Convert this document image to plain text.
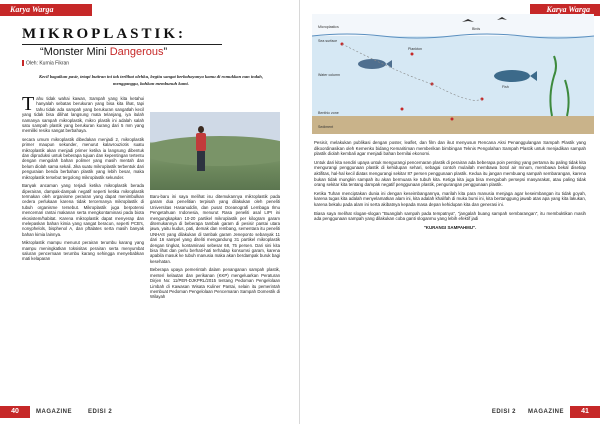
Karya Warga
MIKROPLASTIK:
“Monster Mini Dangerous”
Oleh: Kurnia Fikran
Kecil bagaikan pasir, tetapi butiran ini tak terlihat olehku, begitu sangat berbahayanya kamu di romukkan nan indah, mengganggu, bahkan membunuh kami.

Tahu tidak wahai kawan, Sampah yang kita ketahui hanyalah sebatas berukuran yang bisa kita lihat, tapi tahu tidak ada sampah yang berukuran sangatlah kecil yang tidak bisa dilihat langsung mata telanjang, iya itulah namanya sampah mikroplastik, mikro plastik ini adalah salah satu sampah plastik yang berukuran kurang dari 5 mm yang memiliki resiko sangat berbahaya.

secara umum mikroplastik dibedakan menjadi 2, mikroplastik primer maupun sekunder, menurut kalavrouziotis suatu mikroplastik akan menjadi primer ketika ia langsung dibentuk dan diproduksi untuk beberapa tujuan dan kepentingan tertentu dengan mengolah bahan polimer yang masih mentah dan belum diolah sama sekali. Jika suatu mikroplastik terbentuk dari penguraian benda berbahan plastik yang lebih besar, maka mikroplastik tersebut tergolong mikroplastik sekunder.

Banyak ancaman yang terjadi ketika mikroplastik berada diperairan, dampak-dampak negatif seperti ketika mikroplastik termakan oleh organisme perairan yang dapat menimbulkan cedera perlukaan karena tidak tercernanya mikroplastik di tubuh organisme tersebut. Mikroplastik juga berpotensi mencemari rantai makanan serta mengkontaminasi pada biota ekosistem/habitat. Karena mikroplastik dapat menyerap dan melepaskan bahan kimia yang sangat beracun, seperti PCB's, nonyphelols, bisphenol A, dan pftalates serta masih banyak bahan kimia lainnya.

Mikroplastik mampu menurut perairan terumbu karang yang mampu meningkatkan toksisitas perairan serta menyumbat saluran pencernaan terumbu karang sehingga menyebabkan mati kelaparan

Baru-baru ini saya melihat isu ditemukannya mikroplastik pada garam dua penelitian terpisah yang dilakukan oleh peneliti Universitas Hasanuddin, dan pusat Oceanografi Lembaga Ilmu Pengetahuan Indonesia, menurut Rasa peneliti asal LIPI ini mengungkapkan 10-20 partikel mikroplastik per kilogram garam ditemukannya di beberapa tambak garam di pesisir pantai utara jawa, yaitu kudus, pati, demak dan rembang, sementara itu peneliti UNHAS yang dilakukan di tambak garam Jeneponto sebanyak 11 dari 16 sampel yang diteliti mengandung 31 partikel mikroplastik dengan tingkat, kontaminasi sebesar 68, 75 persen. Dari sini kita bisa lihat dan perlu berhati-hati terhadap konsumsi garam, karena apabila masuk ke tubuh manusia maka akan berdampak buruk bagi kesehatan.

Beberapa upaya pemerintah dalam penanganan sampah plastik, menteri kelautan dan perikanan (KKP) mengeluarkan Peraturan Dirjen No: 11/PER-DJKPRL/2015 tentang Pedoman Pengelolaan Limbah di Kawasan Wisata Kuliner Pantai, selain itu pemerintah membuat Pedoman Pengelolaan Pencemaran Sampah Domestik di Wilayah

40	MAGAZINE	EDISI 2
Karya Warga
Microplastics
Sea surface
Water column
Benthic zone
Plankton
Fish
Birds
Sediment

Pesisir, melakukan publikasi dengan poster, leaflet, dan film dan ikut menyusun Rencana Aksi Penanggulangan Sampah Plastik yang dikoordinasikan oleh Kemenko bidang Kemaritiman memberikan bimbingan Teknis Pengolahan Sampah Plastik untuk menjadikan sampah plastik diolah kembali agar menjadi bahan bernilai ekonomi.

Untuk dari kita sendiri upaya untuk mengurangi pencemaran plastik di perairan ada beberapa poin penting yang pertama itu paling tidak kita mengurangi penggunaan plastik di kehidupan sehari, sebagai contoh mulailah membawa botol air minum, membawa bekal disetiap aktifitas, hal-hal kecil diatas mengurangi sekitar 87 persen penggunaan plastik. Kedua itu jangan membuang sampah sembarangan, karena bukan tidak mungkin sampah itu akan bermuara ke tubuh kita. Ketiga kita juga bisa mengubah persepsi masyarakat, atau paling tidak orang sekitar kita tentang dampak negatif penggunaan plastik, pengurangan penggunaan plastik.

Ketika Tuhan menciptakan dunia ini dengan keseimbangannya, marilah kita para manusia menjaga agar keseimbangan itu tidak goyah, karena tugas kita adalah menyelamatkan alam ini, kita adalah khalifah di muka bumi ini, kita bertanggung jawab atas apa yang kita lakukan, karena bekalu pada alam ini serta akibatnya kepada masa depan kehidupan kita dan generasi ini.

Biasa saya melihat slogan-slogan "Buanglah sampah pada tempatnya", "jangalah buang sampah sembarangan", itu membuktikan masih ada penggunaan sampah yang dilakukan coba ganti sloganmu yang lebih efektif jadi

"KURANGI SAMPAHMU".

EDISI 2 MAGAZINE	41
